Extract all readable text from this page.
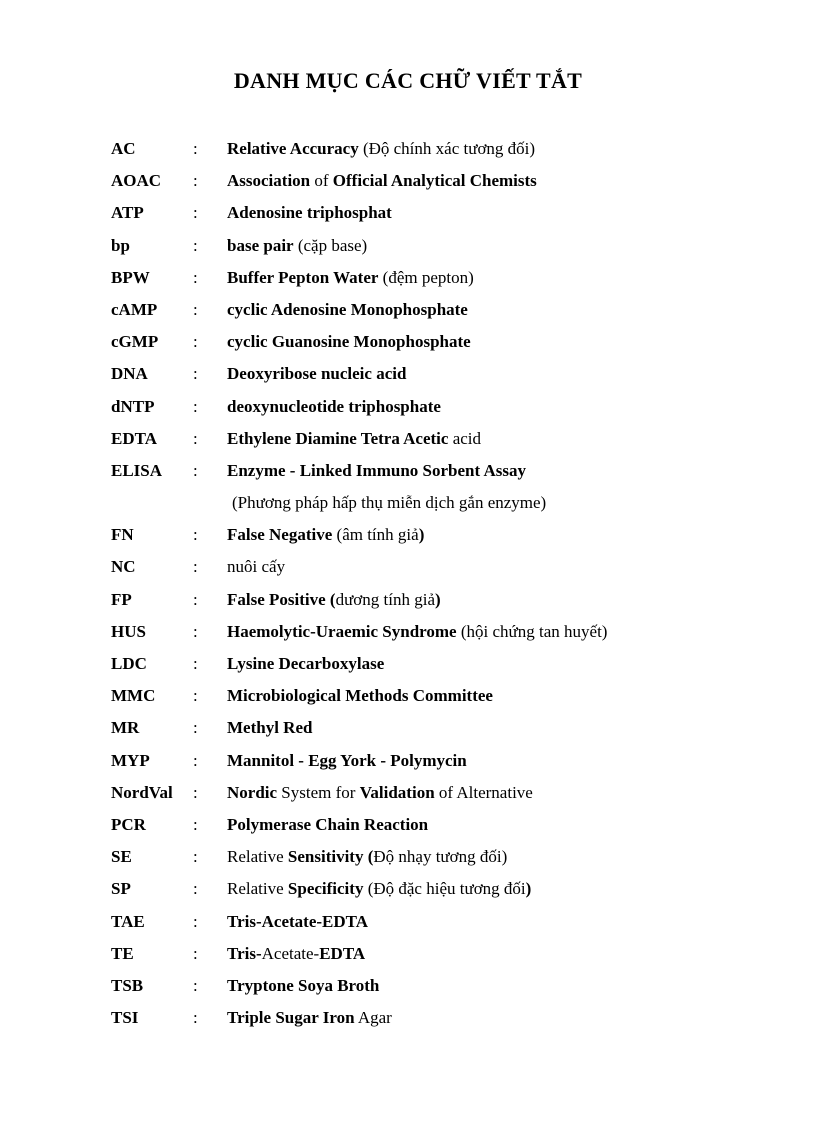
DANH MỤC CÁC CHỮ VIẾT TẮT
AC	: Relative Accuracy (Độ chính xác tương đối)
AOAC : Association of Official Analytical Chemists
ATP	: Adenosine triphosphat
bp	: base pair (cặp base)
BPW	: Buffer Pepton Water (đệm pepton)
cAMP : cyclic Adenosine Monophosphate
cGMP : cyclic Guanosine Monophosphate
DNA	: Deoxyribose nucleic acid
dNTP : deoxynucleotide triphosphate
EDTA : Ethylene Diamine Tetra Acetic acid
ELISA : Enzyme - Linked Immuno Sorbent Assay
(Phương pháp hấp thụ miễn dịch gắn enzyme)
FN	: False Negative (âm tính giả)
NC	: nuôi cấy
FP	: False Positive (dương tính giả)
HUS	: Haemolytic-Uraemic Syndrome (hội chứng tan huyết)
LDC	: Lysine Decarboxylase
MMC : Microbiological Methods Committee
MR	: Methyl Red
MYP	: Mannitol - Egg York - Polymycin
NordVal : Nordic System for Validation of Alternative
PCR	: Polymerase Chain Reaction
SE	: Relative Sensitivity (Độ nhạy tương đối)
SP	: Relative Specificity (Độ đặc hiệu tương đối)
TAE	: Tris-Acetate-EDTA
TE	: Tris-Acetate-EDTA
TSB	: Tryptone Soya Broth
TSI	: Triple Sugar Iron Agar
